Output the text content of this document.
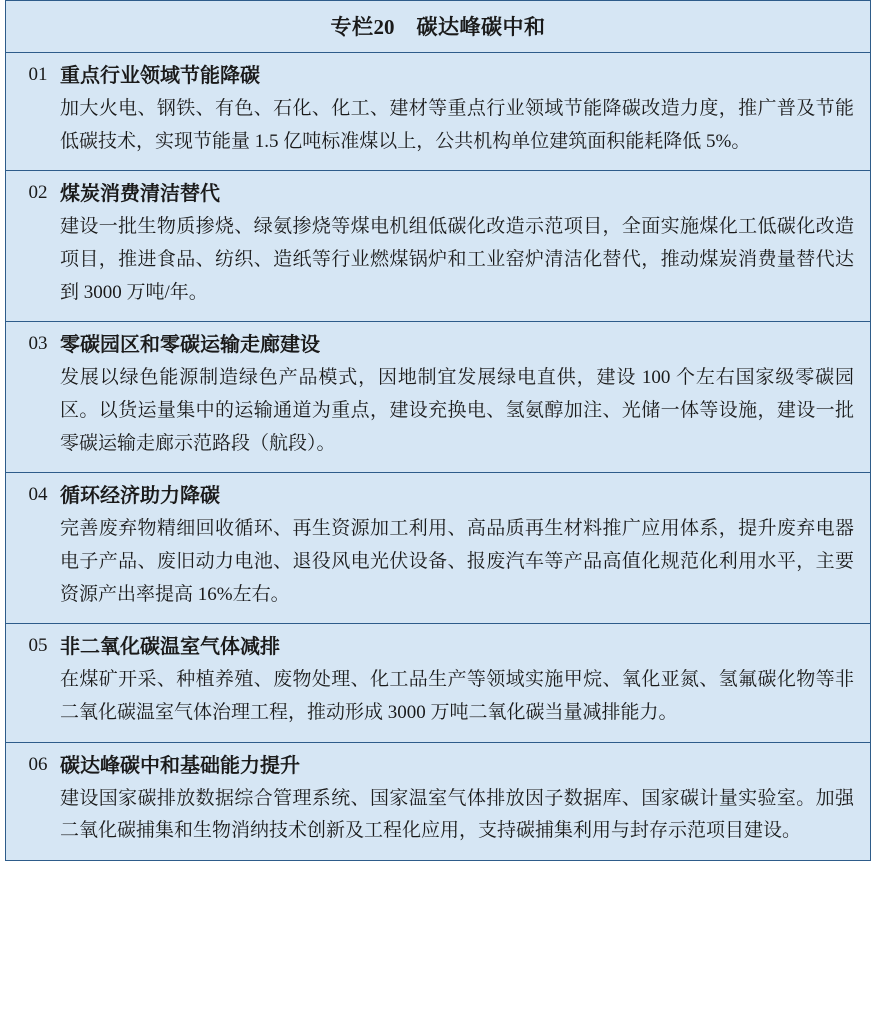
专栏20 碳达峰碳中和
01 重点行业领域节能降碳
加大火电、钢铁、有色、石化、化工、建材等重点行业领域节能降碳改造力度，推广普及节能低碳技术，实现节能量 1.5 亿吨标准煤以上，公共机构单位建筑面积能耗降低 5%。
02 煤炭消费清洁替代
建设一批生物质掺烧、绿氨掺烧等煤电机组低碳化改造示范项目，全面实施煤化工低碳化改造项目，推进食品、纺织、造纸等行业燃煤锅炉和工业窑炉清洁化替代，推动煤炭消费量替代达到 3000 万吨/年。
03 零碳园区和零碳运输走廊建设
发展以绿色能源制造绿色产品模式，因地制宜发展绿电直供，建设 100 个左右国家级零碳园区。以货运量集中的运输通道为重点，建设充换电、氢氨醇加注、光储一体等设施，建设一批零碳运输走廊示范路段（航段）。
04 循环经济助力降碳
完善废弃物精细回收循环、再生资源加工利用、高品质再生材料推广应用体系，提升废弃电器电子产品、废旧动力电池、退役风电光伏设备、报废汽车等产品高值化规范化利用水平，主要资源产出率提高 16%左右。
05 非二氧化碳温室气体减排
在煤矿开采、种植养殖、废物处理、化工品生产等领域实施甲烷、氧化亚氮、氢氟碳化物等非二氧化碳温室气体治理工程，推动形成 3000 万吨二氧化碳当量减排能力。
06 碳达峰碳中和基础能力提升
建设国家碳排放数据综合管理系统、国家温室气体排放因子数据库、国家碳计量实验室。加强二氧化碳捕集和生物消纳技术创新及工程化应用，支持碳捕集利用与封存示范项目建设。
